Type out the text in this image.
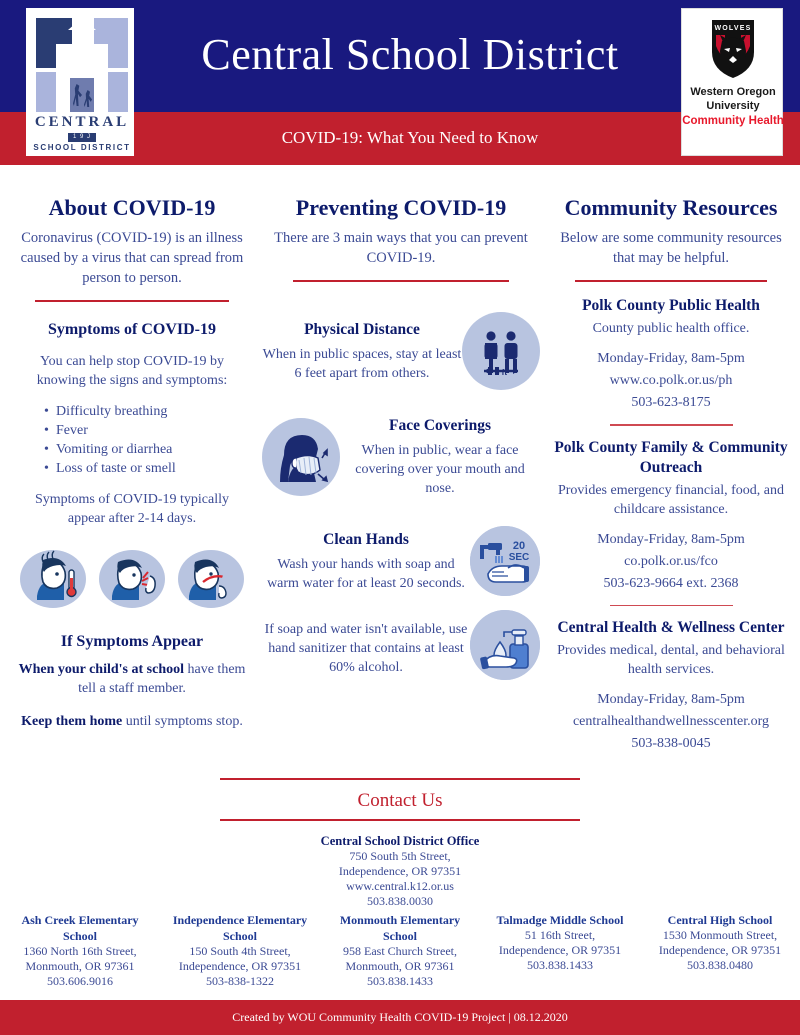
Central School District
COVID-19: What You Need to Know
CENTRAL
1 9 J
SCHOOL DISTRICT
WOLVES
Western Oregon
University
Community Health
About COVID-19
Coronavirus (COVID-19) is an illness caused by a virus that can spread from person to person.
Symptoms of COVID-19
You can help stop COVID-19 by knowing the signs and symptoms:
• Difficulty breathing
• Fever
• Vomiting or diarrhea
• Loss of taste or smell
Symptoms of COVID-19 typically appear after 2-14 days.
If Symptoms Appear
When your child's at school have them tell a staff member.
Keep them home until symptoms stop.
Preventing COVID-19
There are 3 main ways that you can prevent COVID-19.
Physical Distance
When in public spaces, stay at least 6 feet apart from others.	6 ft
Face Coverings
When in public, wear a face covering over your mouth and nose.
Clean Hands
Wash your hands with soap and warm water for at least 20 seconds.
20
SEC
If soap and water isn't available, use hand sanitizer that contains at least 60% alcohol.
Community Resources
Below are some community resources that may be helpful.
Polk County Public Health
County public health office.
Monday-Friday, 8am-5pm
www.co.polk.or.us/ph
503-623-8175
Polk County Family & Community Outreach
Provides emergency financial, food, and childcare assistance.
Monday-Friday, 8am-5pm
co.polk.or.us/fco
503-623-9664 ext. 2368
Central Health & Wellness Center
Provides medical, dental, and behavioral health services.
Monday-Friday, 8am-5pm
centralhealthandwellnesscenter.org
503-838-0045
Contact Us
Central School District Office
750 South 5th Street,
Independence, OR 97351
www.central.k12.or.us
503.838.0030
Ash Creek Elementary School
1360 North 16th Street,
Monmouth, OR 97361
503.606.9016
Independence Elementary School
150 South 4th Street,
Independence, OR 97351
503-838-1322
Monmouth Elementary School
958 East Church Street,
Monmouth, OR 97361
503.838.1433
Talmadge Middle School
51 16th Street,
Independence, OR 97351
503.838.1433
Central High School
1530 Monmouth Street,
Independence, OR 97351
503.838.0480
Created by WOU Community Health COVID-19 Project | 08.12.2020
